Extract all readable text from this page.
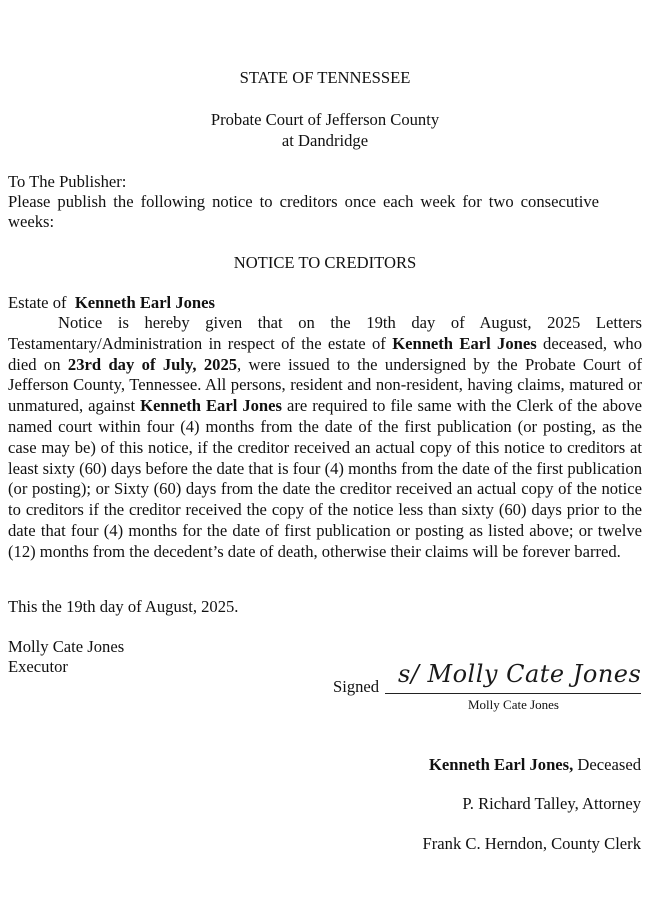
STATE OF TENNESSEE
Probate Court of Jefferson County
at Dandridge
To The Publisher:
Please publish the following notice to creditors once each week for two consecutive
weeks:
NOTICE TO CREDITORS
Estate of Kenneth Earl Jones
Notice is hereby given that on the 19th day of August, 2025 Letters Testamentary/Administration in respect of the estate of Kenneth Earl Jones deceased, who died on 23rd day of July, 2025, were issued to the undersigned by the Probate Court of Jefferson County, Tennessee. All persons, resident and non-resident, having claims, matured or unmatured, against Kenneth Earl Jones are required to file same with the Clerk of the above named court within four (4) months from the date of the first publication (or posting, as the case may be) of this notice, if the creditor received an actual copy of this notice to creditors at least sixty (60) days before the date that is four (4) months from the date of the first publication (or posting); or Sixty (60) days from the date the creditor received an actual copy of the notice to creditors if the creditor received the copy of the notice less than sixty (60) days prior to the date that four (4) months for the date of first publication or posting as listed above; or twelve (12) months from the decedent’s date of death, otherwise their claims will be forever barred.
This the 19th day of August, 2025.
Molly Cate Jones
Executor
Signed s/ Molly Cate Jones
Molly Cate Jones
Kenneth Earl Jones, Deceased
P. Richard Talley, Attorney
Frank C. Herndon, County Clerk
